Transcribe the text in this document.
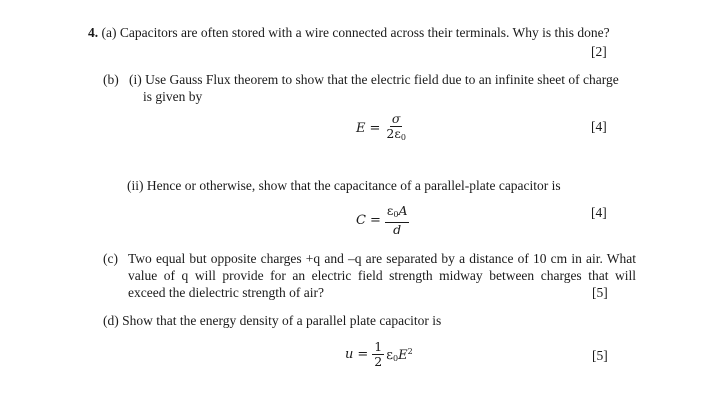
4. (a) Capacitors are often stored with a wire connected across their terminals. Why is this done?
[2]
(b) (i) Use Gauss Flux theorem to show that the electric field due to an infinite sheet of charge
is given by
$E = \frac{\sigma}{2\varepsilon_0}$	[4]
(ii) Hence or otherwise, show that the capacitance of a parallel-plate capacitor is
$C = \frac{\varepsilon_0A}{d}$	[4]
(c) Two equal but opposite charges +q and –q are separated by a distance of 10 cm in air. What
value of q will provide for an electric field strength midway between charges that will
exceed the dielectric strength of air?	[5]
(d) Show that the energy density of a parallel plate capacitor is
$u = \frac{1}{2} \varepsilon_0E^2$	[5]
